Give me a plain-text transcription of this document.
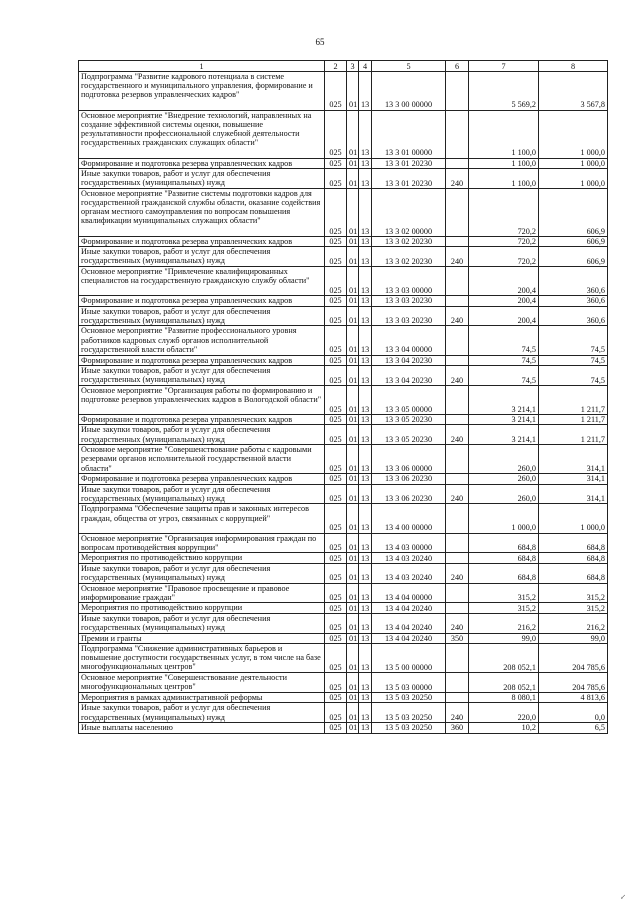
65
1	2	3	4	5	6	7	8
Подпрограмма "Развитие кадрового потенциала в системе государственного и муниципального управления, формирование и подготовка резервов управленческих кадров"	025	01	13	13 3 00 00000		5 569,2	3 567,8
Основное мероприятие "Внедрение технологий, направленных на создание эффективной системы оценки, повышение результативности профессиональной служебной деятельности государственных гражданских служащих области"	025	01	13	13 3 01 00000		1 100,0	1 000,0
Формирование и подготовка резерва управленческих кадров	025	01	13	13 3 01 20230		1 100,0	1 000,0
Иные закупки товаров, работ и услуг для обеспечения государственных (муниципальных) нужд	025	01	13	13 3 01 20230	240	1 100,0	1 000,0
Основное мероприятие "Развитие системы подготовки кадров для государственной гражданской службы области, оказание содействия органам местного самоуправления по вопросам повышения квалификации муниципальных служащих области"	025	01	13	13 3 02 00000		720,2	606,9
Формирование и подготовка резерва управленческих кадров	025	01	13	13 3 02 20230		720,2	606,9
Иные закупки товаров, работ и услуг для обеспечения государственных (муниципальных) нужд	025	01	13	13 3 02 20230	240	720,2	606,9
Основное мероприятие "Привлечение квалифицированных специалистов на государственную гражданскую службу области"	025	01	13	13 3 03 00000		200,4	360,6
Формирование и подготовка резерва управленческих кадров	025	01	13	13 3 03 20230		200,4	360,6
Иные закупки товаров, работ и услуг для обеспечения государственных (муниципальных) нужд	025	01	13	13 3 03 20230	240	200,4	360,6
Основное мероприятие "Развитие профессионального уровня работников кадровых служб органов исполнительной государственной власти области"	025	01	13	13 3 04 00000		74,5	74,5
Формирование и подготовка резерва управленческих кадров	025	01	13	13 3 04 20230		74,5	74,5
Иные закупки товаров, работ и услуг для обеспечения государственных (муниципальных) нужд	025	01	13	13 3 04 20230	240	74,5	74,5
Основное мероприятие "Организация работы по формированию и подготовке резервов управленческих кадров в Вологодской области"	025	01	13	13 3 05 00000		3 214,1	1 211,7
Формирование и подготовка резерва управленческих кадров	025	01	13	13 3 05 20230		3 214,1	1 211,7
Иные закупки товаров, работ и услуг для обеспечения государственных (муниципальных) нужд	025	01	13	13 3 05 20230	240	3 214,1	1 211,7
Основное мероприятие "Совершенствование работы с кадровыми резервами органов исполнительной государственной власти области"	025	01	13	13 3 06 00000		260,0	314,1
Формирование и подготовка резерва управленческих кадров	025	01	13	13 3 06 20230		260,0	314,1
Иные закупки товаров, работ и услуг для обеспечения государственных (муниципальных) нужд	025	01	13	13 3 06 20230	240	260,0	314,1
Подпрограмма "Обеспечение защиты прав и законных интересов граждан, общества от угроз, связанных с коррупцией"	025	01	13	13 4 00 00000		1 000,0	1 000,0
Основное мероприятие "Организация информирования граждан по вопросам противодействия коррупции"	025	01	13	13 4 03 00000		684,8	684,8
Мероприятия по противодействию коррупции	025	01	13	13 4 03 20240		684,8	684,8
Иные закупки товаров, работ и услуг для обеспечения государственных (муниципальных) нужд	025	01	13	13 4 03 20240	240	684,8	684,8
Основное мероприятие "Правовое просвещение и правовое информирование граждан"	025	01	13	13 4 04 00000		315,2	315,2
Мероприятия по противодействию коррупции	025	01	13	13 4 04 20240		315,2	315,2
Иные закупки товаров, работ и услуг для обеспечения государственных (муниципальных) нужд	025	01	13	13 4 04 20240	240	216,2	216,2
Премии и гранты	025	01	13	13 4 04 20240	350	99,0	99,0
Подпрограмма "Снижение административных барьеров и повышение доступности государственных услуг, в том числе на базе многофункциональных центров"	025	01	13	13 5 00 00000		208 052,1	204 785,6
Основное мероприятие "Совершенствование деятельности многофункциональных центров"	025	01	13	13 5 03 00000		208 052,1	204 785,6
Мероприятия в рамках административной реформы	025	01	13	13 5 03 20250		8 080,1	4 813,6
Иные закупки товаров, работ и услуг для обеспечения государственных (муниципальных) нужд	025	01	13	13 5 03 20250	240	220,0	0,0
Иные выплаты населению	025	01	13	13 5 03 20250	360	10,2	6,5
↙
